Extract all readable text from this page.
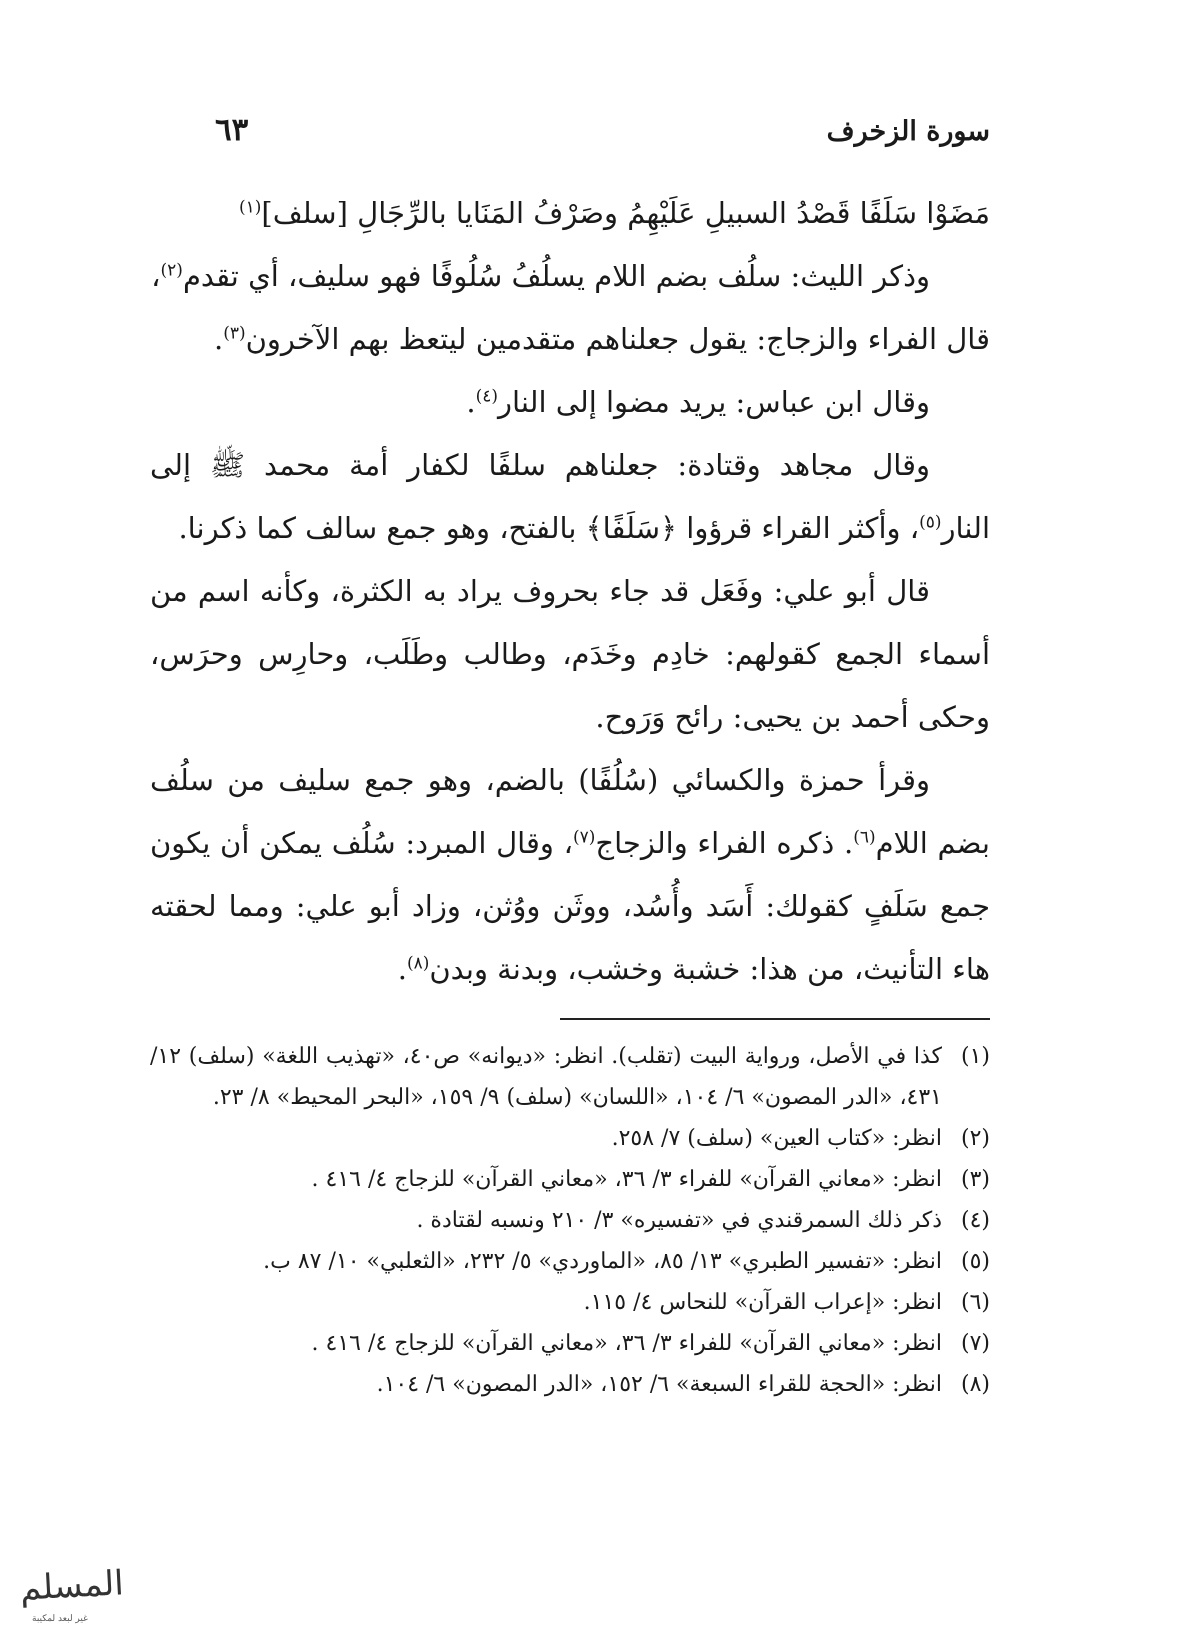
سورة الزخرف
٦٣
مَضَوْا سَلَفًا قَصْدُ السبيلِ عَلَيْهِمُ وصَرْفُ المَنَايا بالرِّجَالِ [سلف]$^{(١)}$

وذكر الليث: سلُف بضم اللام يسلُفُ سُلُوفًا فهو سليف، أي تقدم$^{(٢)}$،

قال الفراء والزجاج: يقول جعلناهم متقدمين ليتعظ بهم الآخرون$^{(٣)}$.

وقال ابن عباس: يريد مضوا إلى النار$^{(٤)}$.

وقال مجاهد وقتادة: جعلناهم سلفًا لكفار أمة محمد ﷺ إلى النار$^{(٥)}$، وأكثر القراء قرؤوا ﴿سَلَفًا﴾ بالفتح، وهو جمع سالف كما ذكرنا.

قال أبو علي: وفَعَل قد جاء بحروف يراد به الكثرة، وكأنه اسم من أسماء الجمع كقولهم: خادِم وخَدَم، وطالب وطَلَب، وحارِس وحرَس، وحكى أحمد بن يحيى: رائح وَرَوح.

وقرأ حمزة والكسائي (سُلُفًا) بالضم، وهو جمع سليف من سلُف بضم اللام$^{(٦)}$. ذكره الفراء والزجاج$^{(٧)}$، وقال المبرد: سُلُف يمكن أن يكون جمع سَلَفٍ كقولك: أَسَد وأُسُد، ووثَن ووُثن، وزاد أبو علي: ومما لحقته هاء التأنيث، من هذا: خشبة وخشب، وبدنة وبدن$^{(٨)}$.

(١)
كذا في الأصل، ورواية البيت (تقلب). انظر: «ديوانه» ص٤٠، «تهذيب اللغة» (سلف) ١٢/ ٤٣١، «الدر المصون» ٦/ ١٠٤، «اللسان» (سلف) ٩/ ١٥٩، «البحر المحيط» ٨/ ٢٣.
(٢)
انظر: «كتاب العين» (سلف) ٧/ ٢٥٨.
(٣)
انظر: «معاني القرآن» للفراء ٣/ ٣٦، «معاني القرآن» للزجاج ٤/ ٤١٦ .
(٤)
ذكر ذلك السمرقندي في «تفسيره» ٣/ ٢١٠ ونسبه لقتادة .
(٥)
انظر: «تفسير الطبري» ١٣/ ٨٥، «الماوردي» ٥/ ٢٣٢، «الثعلبي» ١٠/ ٨٧ ب.
(٦)
انظر: «إعراب القرآن» للنحاس ٤/ ١١٥.
(٧)
انظر: «معاني القرآن» للفراء ٣/ ٣٦، «معاني القرآن» للزجاج ٤/ ٤١٦ .
(٨)
انظر: «الحجة للقراء السبعة» ٦/ ١٥٢، «الدر المصون» ٦/ ١٠٤.
المسلم
غير لبعد لمكيبة
